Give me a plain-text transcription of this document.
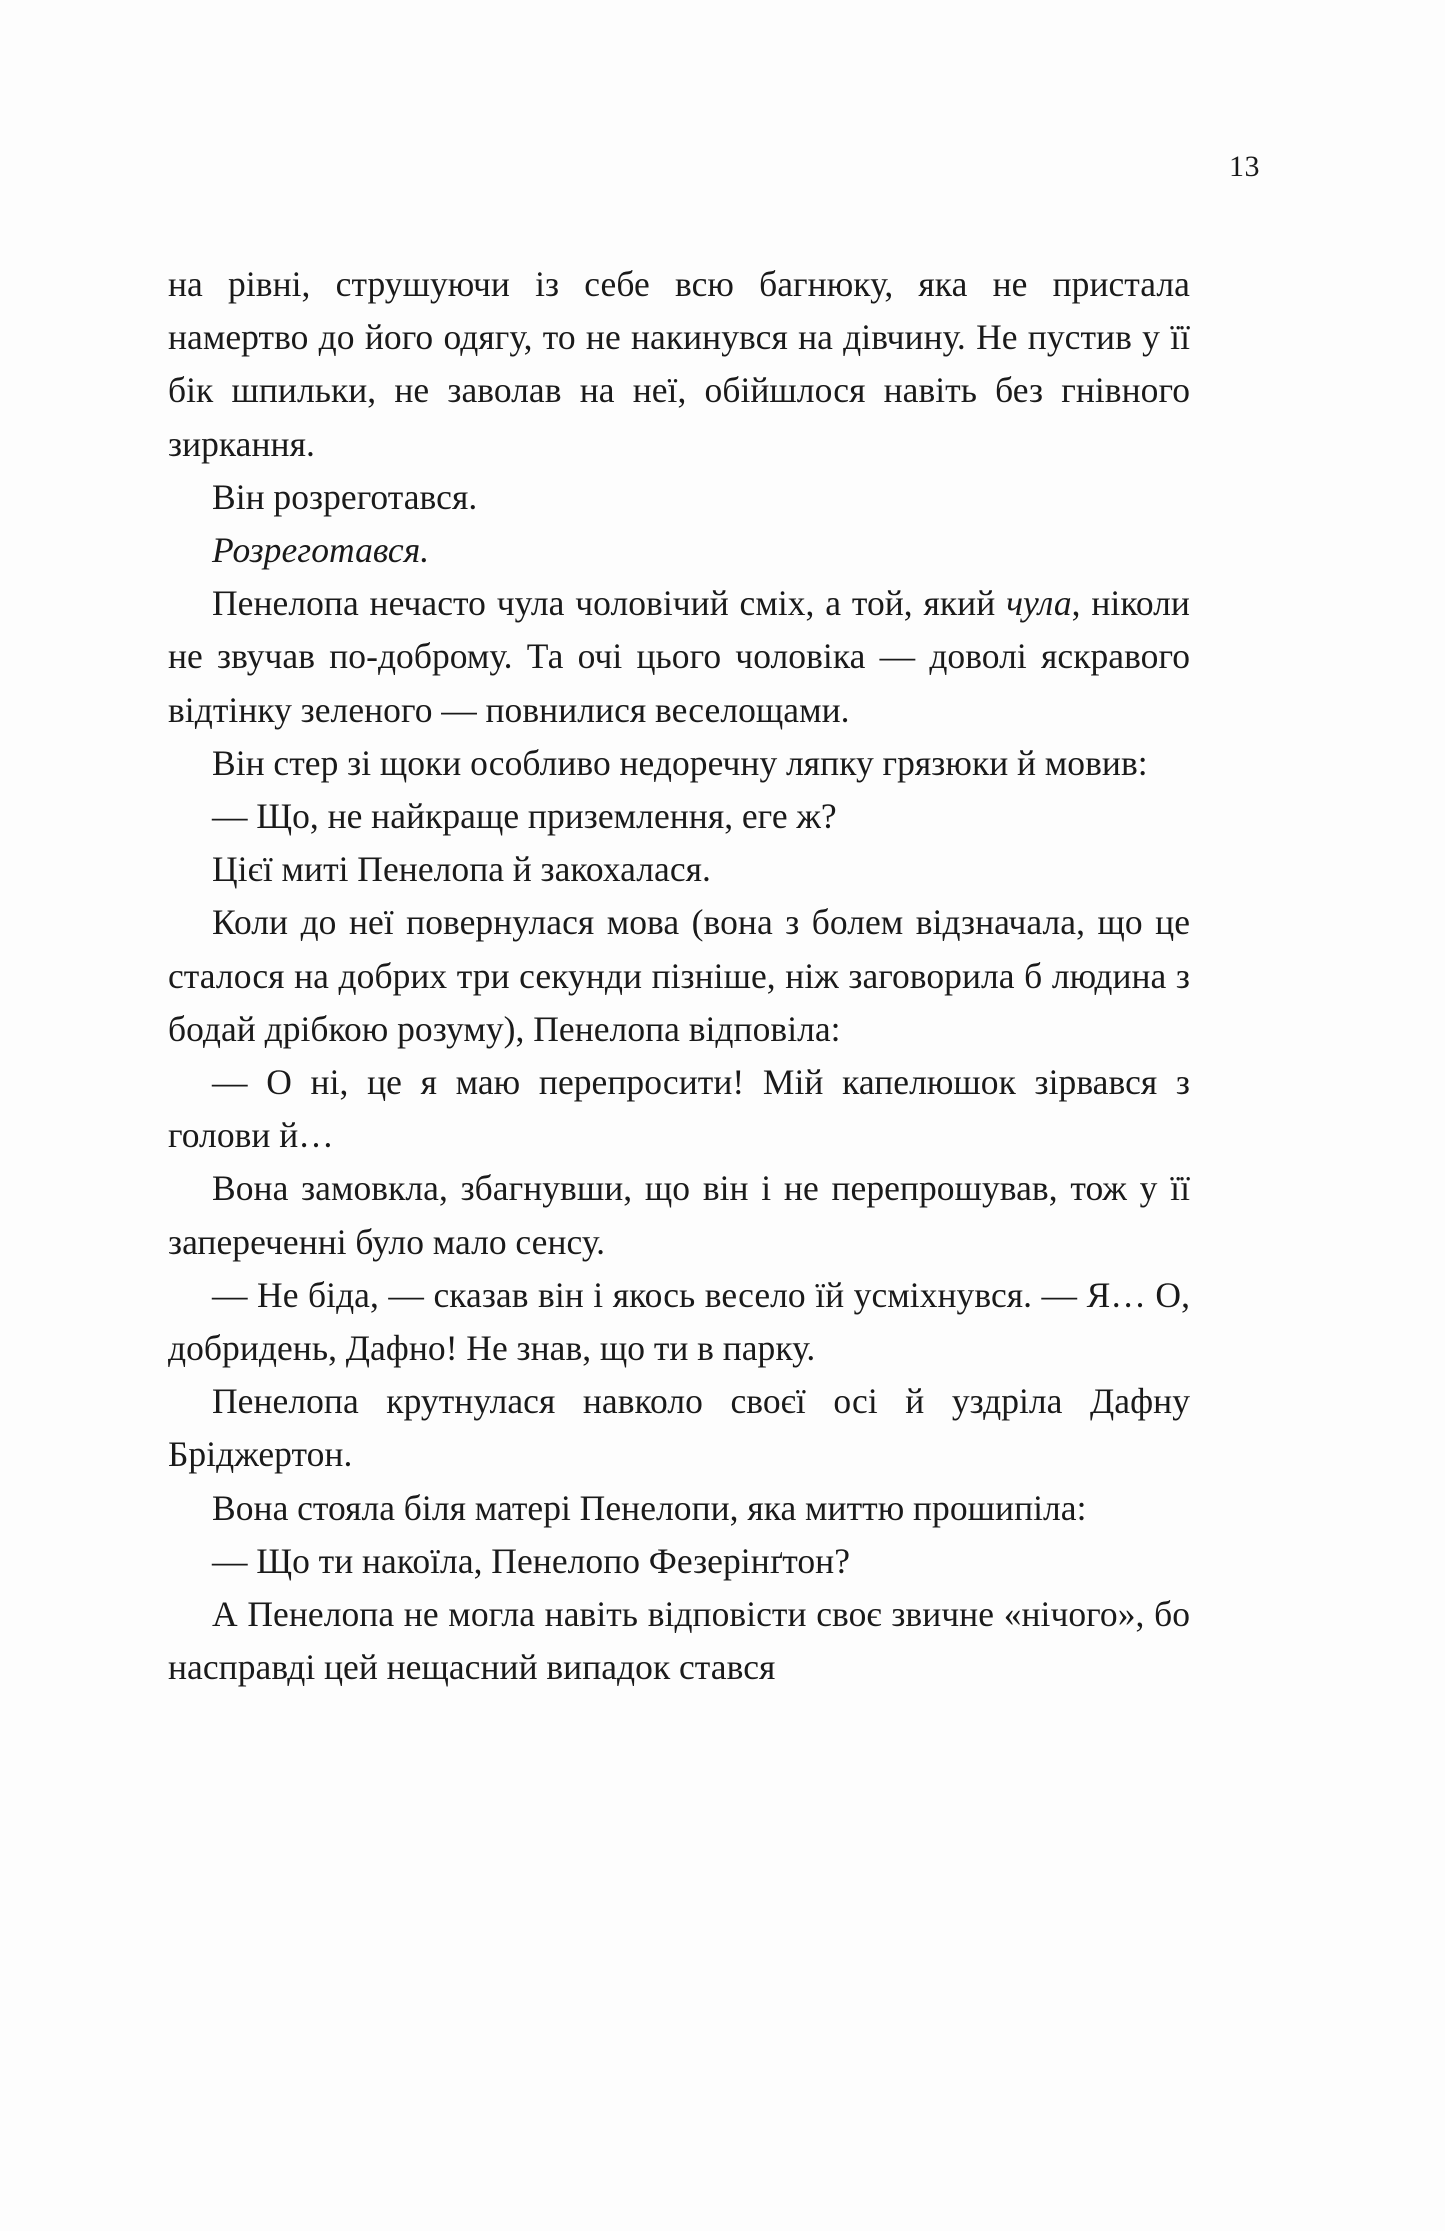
13

на рівні, струшуючи із себе всю багнюку, яка не пристала намертво до його одягу, то не накинувся на дівчину. Не пустив у її бік шпильки, не заволав на неї, обійшлося навіть без гнівного зиркання.

Він розреготався.

Розреготався.

Пенелопа нечасто чула чоловічий сміх, а той, який чула, ніколи не звучав по-доброму. Та очі цього чоловіка — доволі яскравого відтінку зеленого — повнилися веселощами.

Він стер зі щоки особливо недоречну ляпку грязюки й мовив:

— Що, не найкраще приземлення, еге ж?

Цієї миті Пенелопа й закохалася.

Коли до неї повернулася мова (вона з болем відзначала, що це сталося на добрих три секунди пізніше, ніж заговорила б людина з бодай дрібкою розуму), Пенелопа відповіла:

— О ні, це я маю перепросити! Мій капелюшок зірвався з голови й…

Вона замовкла, збагнувши, що він і не перепрошував, тож у її запереченні було мало сенсу.

— Не біда, — сказав він і якось весело їй усміхнувся. — Я… О, добридень, Дафно! Не знав, що ти в парку.

Пенелопа крутнулася навколо своєї осі й уздріла Дафну Бріджертон.

Вона стояла біля матері Пенелопи, яка миттю прошипіла:

— Що ти накоїла, Пенелопо Фезерінґтон?

А Пенелопа не могла навіть відповісти своє звичне «нічого», бо насправді цей нещасний випадок стався
